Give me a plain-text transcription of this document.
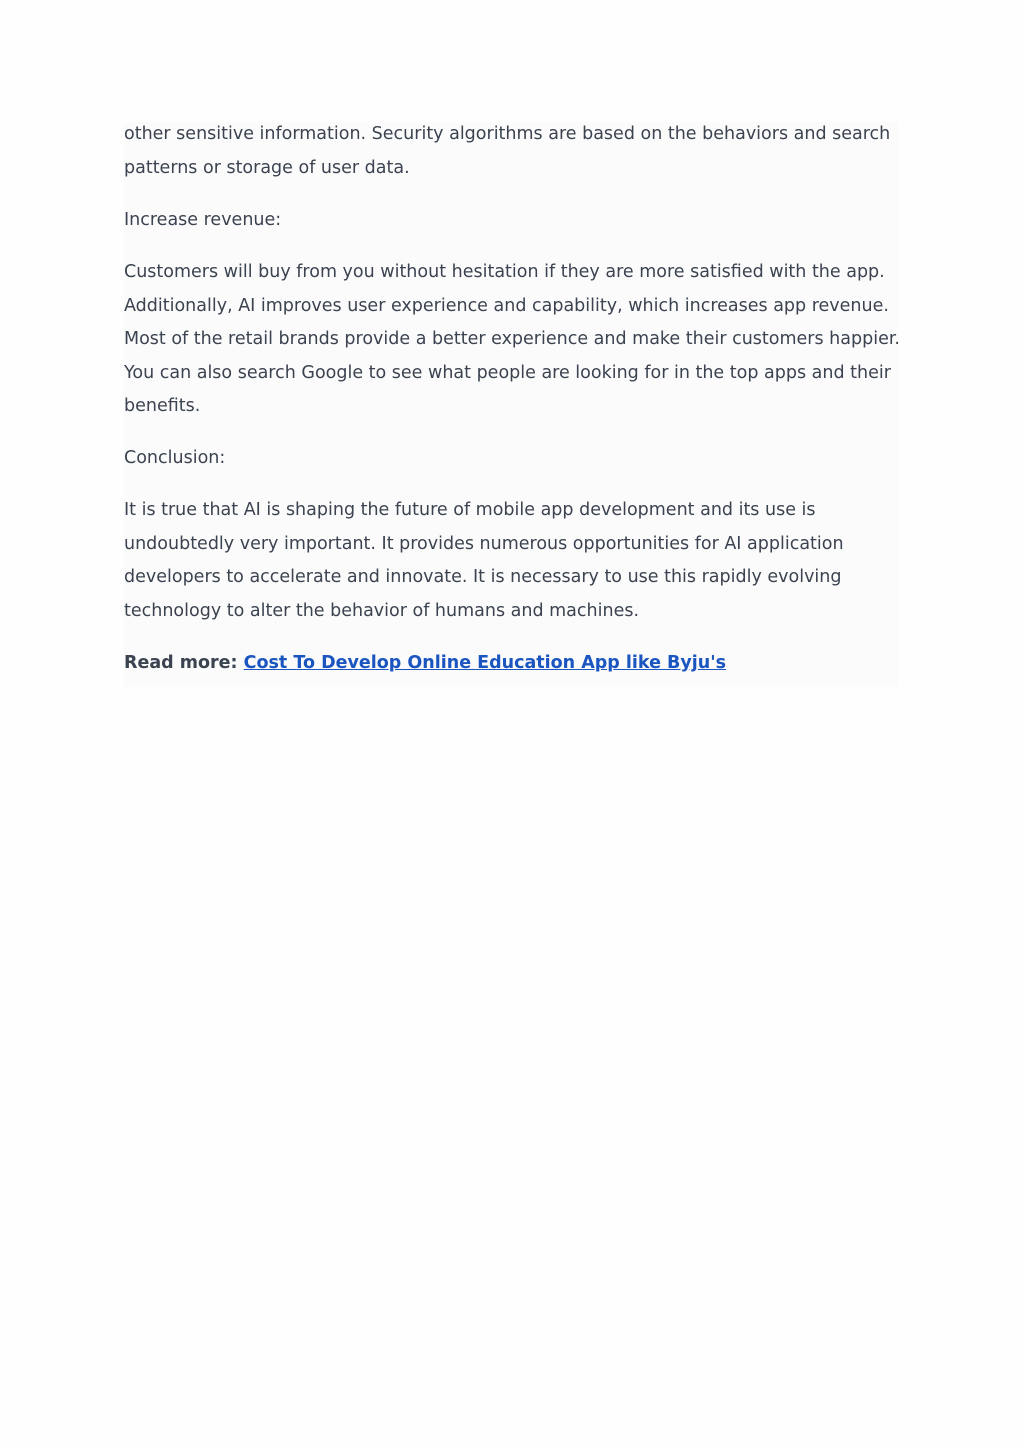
other sensitive information. Security algorithms are based on the behaviors and search
patterns or storage of user data.

Increase revenue:

Customers will buy from you without hesitation if they are more satisfied with the app.
Additionally, AI improves user experience and capability, which increases app revenue.
Most of the retail brands provide a better experience and make their customers happier.
You can also search Google to see what people are looking for in the top apps and their
benefits.

Conclusion:

It is true that AI is shaping the future of mobile app development and its use is
undoubtedly very important. It provides numerous opportunities for AI application
developers to accelerate and innovate. It is necessary to use this rapidly evolving
technology to alter the behavior of humans and machines.

Read more: Cost To Develop Online Education App like Byju's
